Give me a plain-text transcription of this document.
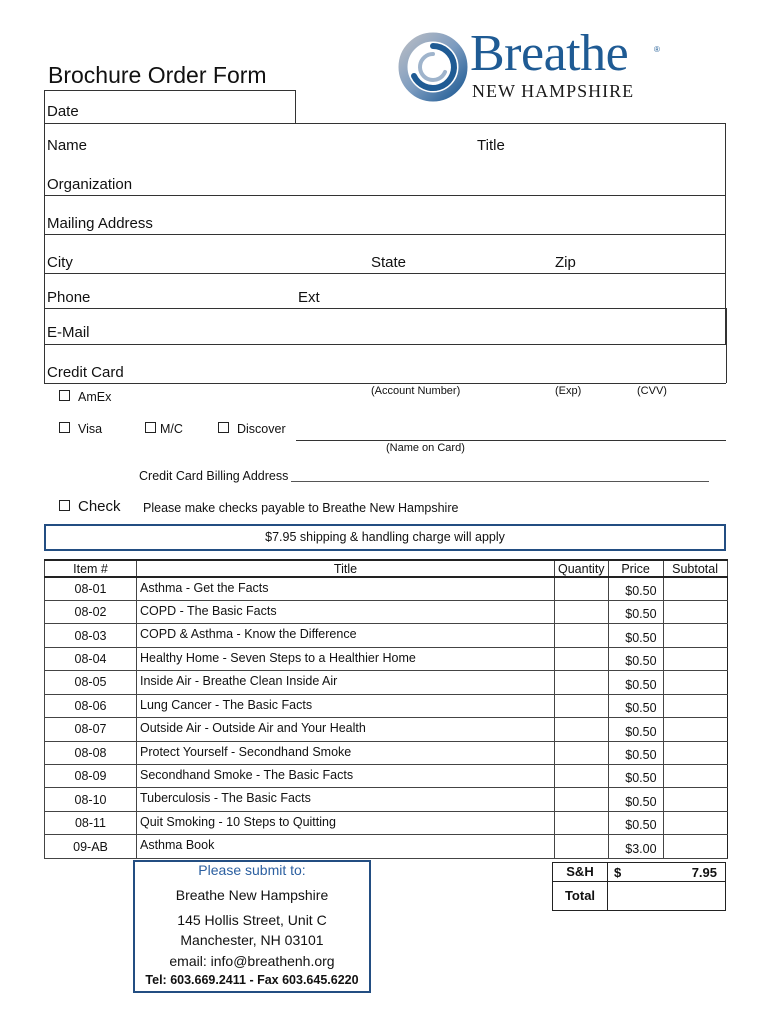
Breathe	®
NEW HAMPSHIRE
Brochure Order Form
Date
Name	Title
Organization
Mailing Address
City	State	Zip
Phone	Ext
E-Mail
Credit Card
(Account Number)	(Exp)	(CVV)
AmEx
Visa	M/C	Discover
(Name on Card)
Credit Card Billing Address
Check Please make checks payable to Breathe New Hampshire
$7.95 shipping & handling charge will apply
Item #	Title	Quantity	Price	Subtotal
08-01	Asthma - Get the Facts		$0.50	
08-02	COPD - The Basic Facts		$0.50	
08-03	COPD & Asthma - Know the Difference		$0.50	
08-04	Healthy Home - Seven Steps to a Healthier Home		$0.50	
08-05	Inside Air - Breathe Clean Inside Air		$0.50	
08-06	Lung Cancer - The Basic Facts		$0.50	
08-07	Outside Air - Outside Air and Your Health		$0.50	
08-08	Protect Yourself - Secondhand Smoke		$0.50	
08-09	Secondhand Smoke - The Basic Facts		$0.50	
08-10	Tuberculosis - The Basic Facts		$0.50	
08-11	Quit Smoking - 10 Steps to Quitting		$0.50	
09-AB	Asthma Book		$3.00	
S&H	$	7.95
Total
Please submit to:
Breathe New Hampshire
145 Hollis Street, Unit C
Manchester, NH 03101
email: info@breathenh.org
Tel: 603.669.2411 - Fax 603.645.6220
